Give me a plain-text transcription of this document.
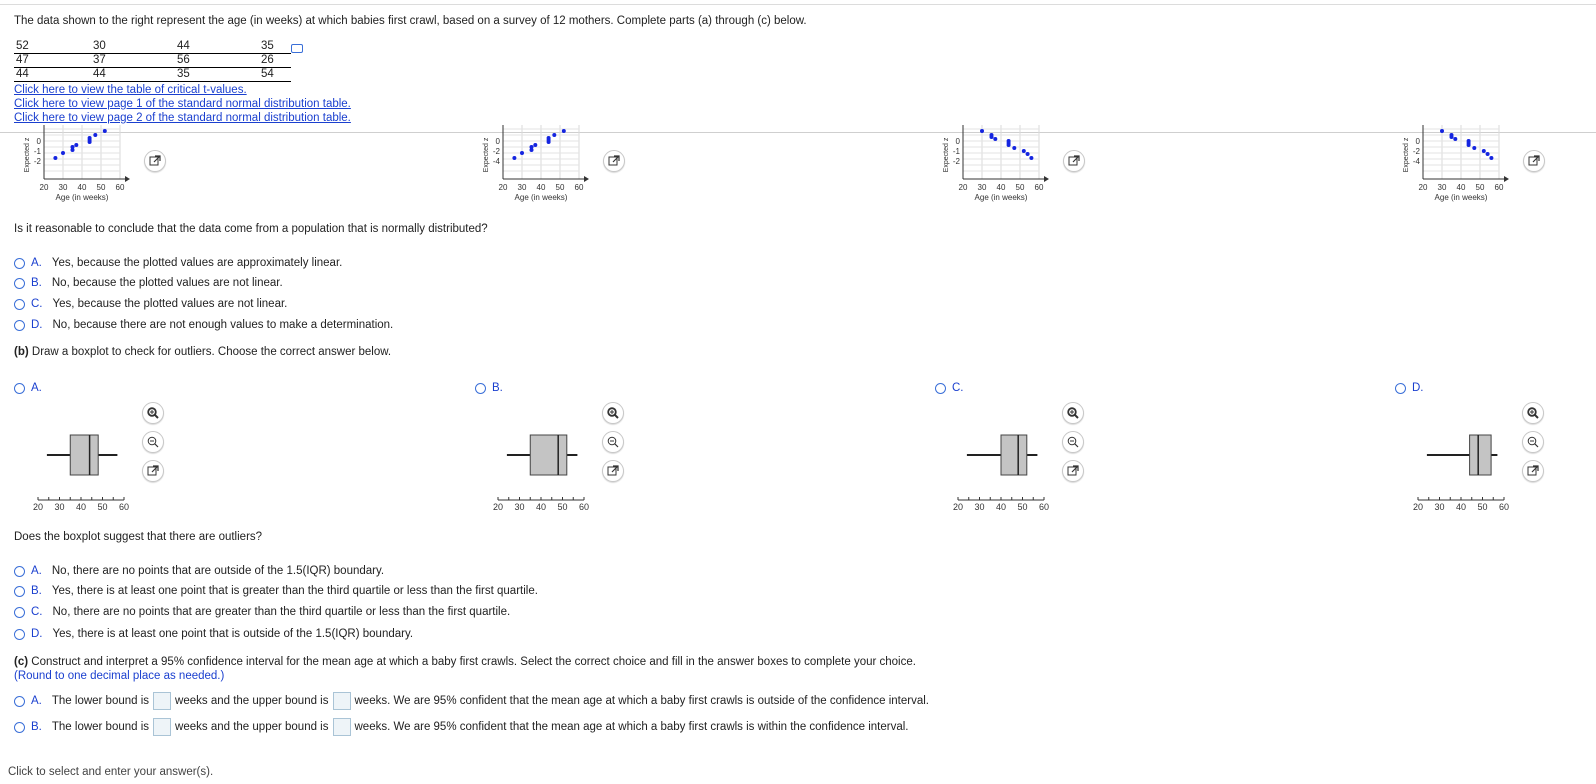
The data shown to the right represent the age (in weeks) at which babies first crawl, based on a survey of 12 mothers. Complete parts (a) through (c) below.
52	30	44	35
47	37	56	26
44	44	35	54
Click here to view the table of critical t-values.
Click here to view page 1 of the standard normal distribution table.
Click here to view page 2 of the standard normal distribution table.
0
-1
-2
Expected z
20 30 40 50 60
Age (in weeks)
0
-2
-4
Expected z
20 30 40 50 60
Age (in weeks)
0
-1
-2
Expected z
20 30 40 50 60
Age (in weeks)
0
-2
-4
Expected z
20 30 40 50 60
Age (in weeks)
Is it reasonable to conclude that the data come from a population that is normally distributed?
A. Yes, because the plotted values are approximately linear.
B. No, because the plotted values are not linear.
C. Yes, because the plotted values are not linear.
D. No, because there are not enough values to make a determination.
(b) Draw a boxplot to check for outliers. Choose the correct answer below.
A.	B.	C.	D.
20 30 40 50 60	20 30 40 50 60	20 30 40 50 60	20 30 40 50 60
Does the boxplot suggest that there are outliers?
A. No, there are no points that are outside of the 1.5(IQR) boundary.
B. Yes, there is at least one point that is greater than the third quartile or less than the first quartile.
C. No, there are no points that are greater than the third quartile or less than the first quartile.
D. Yes, there is at least one point that is outside of the 1.5(IQR) boundary.
(c) Construct and interpret a 95% confidence interval for the mean age at which a baby first crawls. Select the correct choice and fill in the answer boxes to complete your choice.
(Round to one decimal place as needed.)
A. The lower bound is weeks and the upper bound is weeks. We are 95% confident that the mean age at which a baby first crawls is outside of the confidence interval.
B. The lower bound is weeks and the upper bound is weeks. We are 95% confident that the mean age at which a baby first crawls is within the confidence interval.
Click to select and enter your answer(s).
